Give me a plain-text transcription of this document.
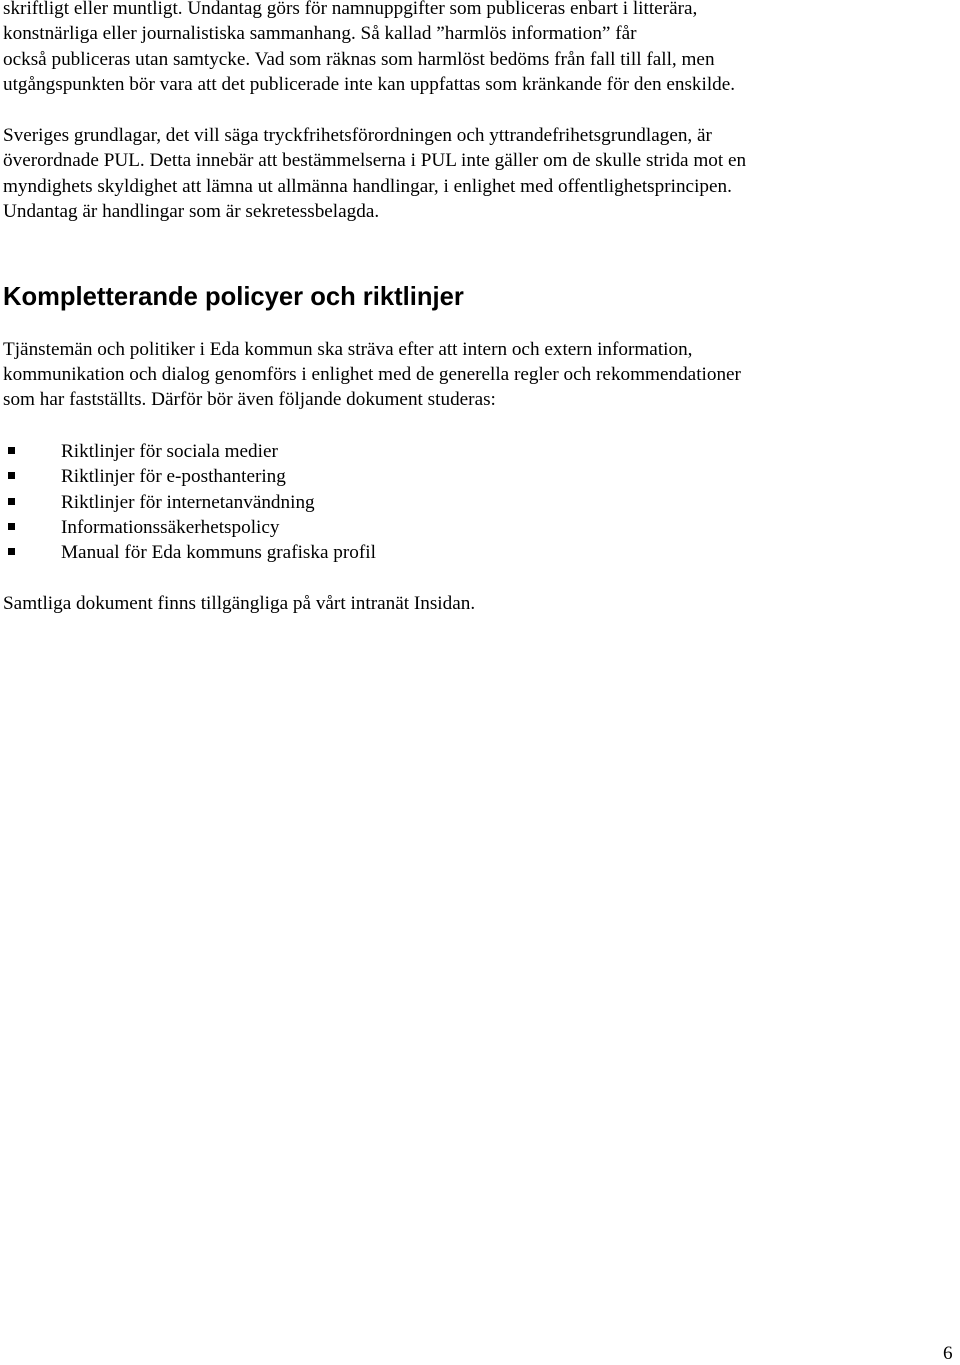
skriftligt eller muntligt. Undantag görs för namnuppgifter som publiceras enbart i litterära,
konstnärliga eller journalistiska sammanhang. Så kallad ”harmlös information” får
också publiceras utan samtycke. Vad som räknas som harmlöst bedöms från fall till fall, men
utgångspunkten bör vara att det publicerade inte kan uppfattas som kränkande för den enskilde.

Sveriges grundlagar, det vill säga tryckfrihetsförordningen och yttrandefrihetsgrundlagen, är
överordnade PUL. Detta innebär att bestämmelserna i PUL inte gäller om de skulle strida mot en
myndighets skyldighet att lämna ut allmänna handlingar, i enlighet med offentlighetsprincipen.
Undantag är handlingar som är sekretessbelagda.

Kompletterande policyer och riktlinjer

Tjänstemän och politiker i Eda kommun ska sträva efter att intern och extern information,
kommunikation och dialog genomförs i enlighet med de generella regler och rekommendationer
som har fastställts. Därför bör även följande dokument studeras:

Riktlinjer för sociala medier
Riktlinjer för e-posthantering
Riktlinjer för internetanvändning
Informationssäkerhetspolicy
Manual för Eda kommuns grafiska profil

Samtliga dokument finns tillgängliga på vårt intranät Insidan.

6
